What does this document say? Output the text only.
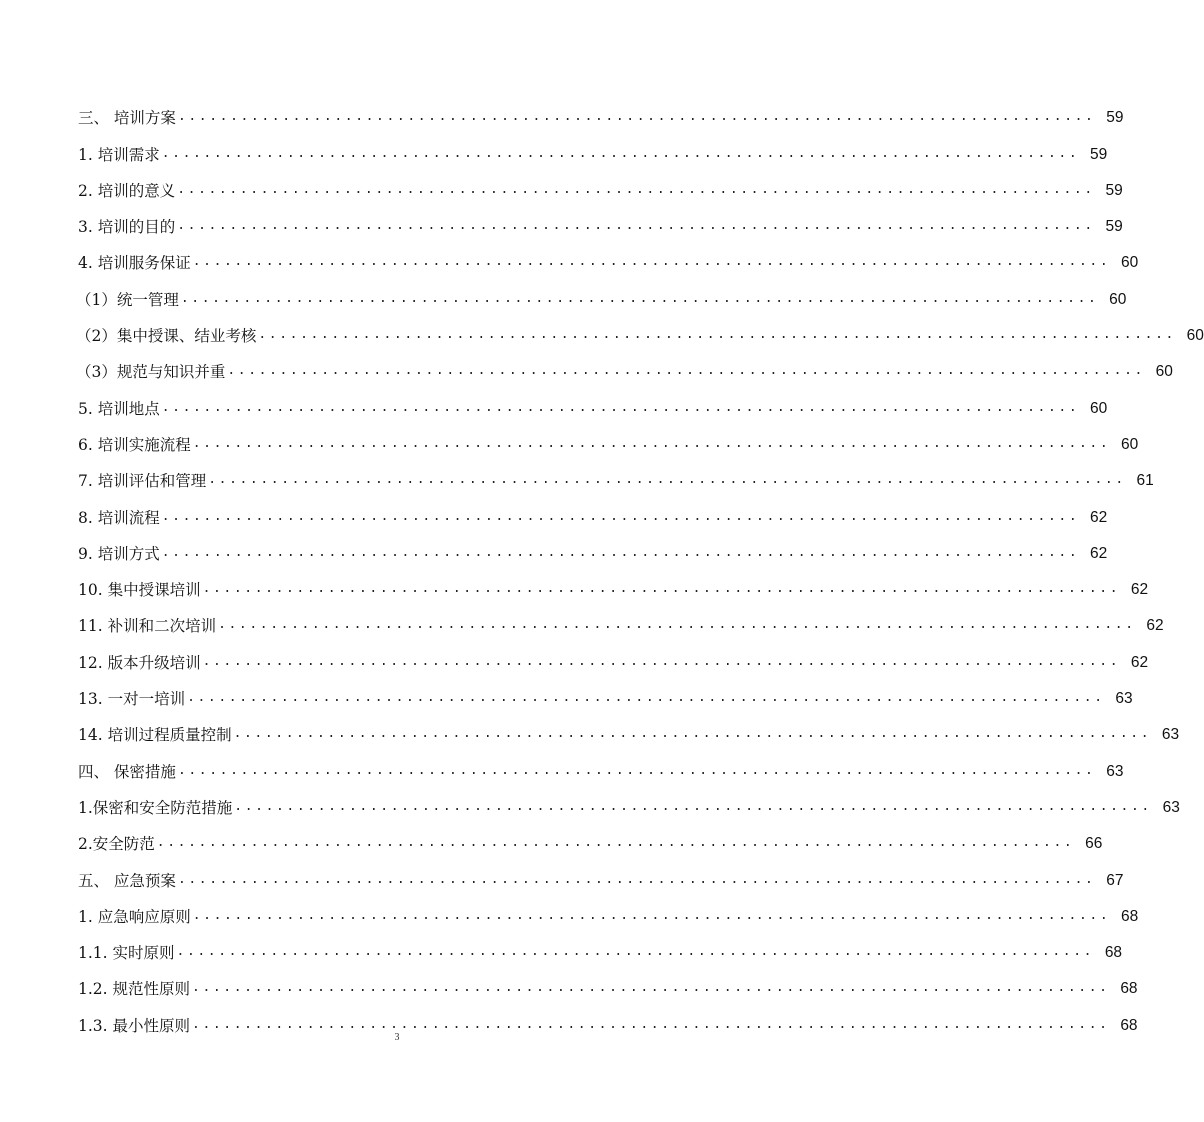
三、 培训方案 ........................................................................................ 59
1. 培训需求 ........................................................................................ 59
2. 培训的意义 ........................................................................................ 59
3. 培训的目的 ........................................................................................ 59
4. 培训服务保证 ........................................................................................ 60
（1）统一管理 ........................................................................................ 60
（2）集中授课、结业考核 ........................................................................................ 60
（3）规范与知识并重 ........................................................................................ 60
5. 培训地点 ........................................................................................ 60
6. 培训实施流程 ........................................................................................ 60
7. 培训评估和管理 ........................................................................................ 61
8. 培训流程 ........................................................................................ 62
9. 培训方式 ........................................................................................ 62
10. 集中授课培训 ........................................................................................ 62
11. 补训和二次培训 ........................................................................................ 62
12. 版本升级培训 ........................................................................................ 62
13. 一对一培训 ........................................................................................ 63
14. 培训过程质量控制 ........................................................................................ 63
四、 保密措施 ........................................................................................ 63
1.保密和安全防范措施 ........................................................................................ 63
2.安全防范 ........................................................................................ 66
五、 应急预案 ........................................................................................ 67
1. 应急响应原则 ........................................................................................ 68
1.1. 实时原则 ........................................................................................ 68
1.2. 规范性原则 ........................................................................................ 68
1.3. 最小性原则 ........................................................................................ 68
3
